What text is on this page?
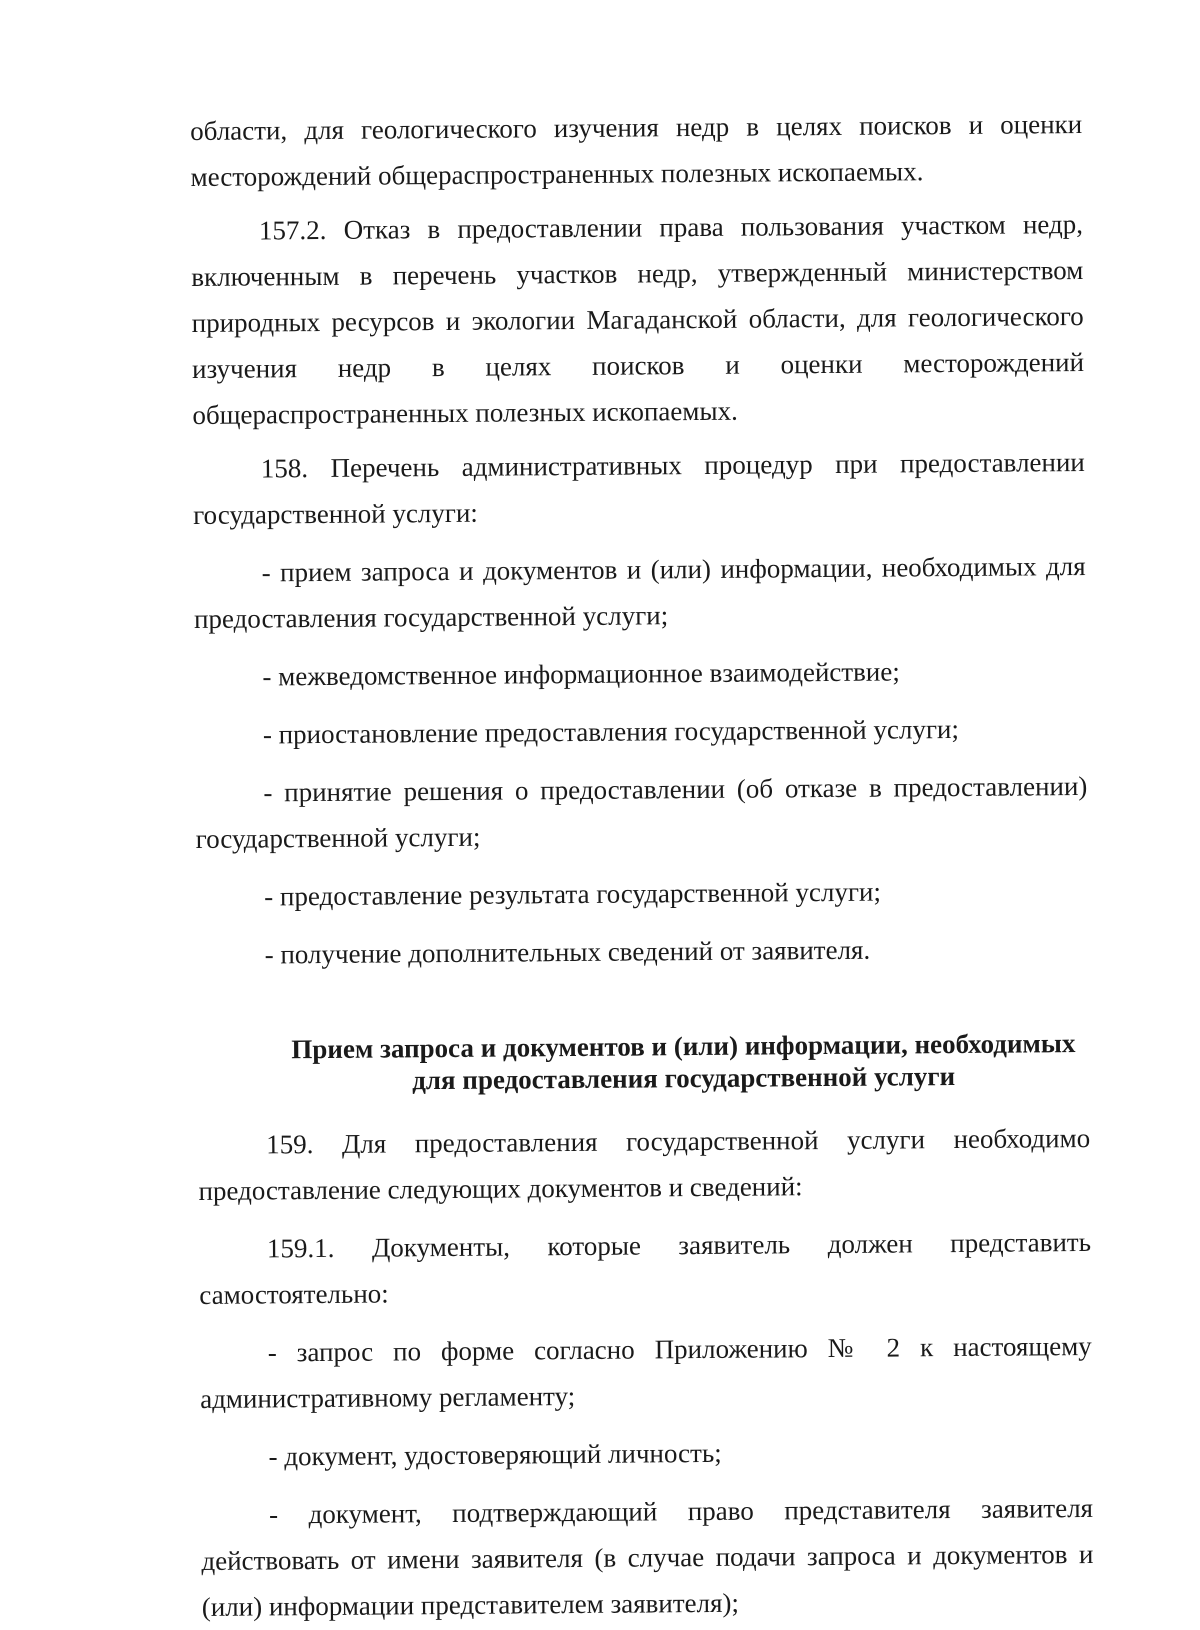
области, для геологического изучения недр в целях поисков и оценки месторождений общераспространенных полезных ископаемых.

157.2. Отказ в предоставлении права пользования участком недр, включенным в перечень участков недр, утвержденный министерством природных ресурсов и экологии Магаданской области, для геологического изучения недр в целях поисков и оценки месторождений общераспространенных полезных ископаемых.

158. Перечень административных процедур при предоставлении государственной услуги:

- прием запроса и документов и (или) информации, необходимых для предоставления государственной услуги;

- межведомственное информационное взаимодействие;

- приостановление предоставления государственной услуги;

- принятие решения о предоставлении (об отказе в предоставлении) государственной услуги;

- предоставление результата государственной услуги;

- получение дополнительных сведений от заявителя.

Прием запроса и документов и (или) информации, необходимых
для предоставления государственной услуги

159. Для предоставления государственной услуги необходимо предоставление следующих документов и сведений:

159.1. Документы, которые заявитель должен представить самостоятельно:

- запрос по форме согласно Приложению № 2 к настоящему административному регламенту;

- документ, удостоверяющий личность;

- документ, подтверждающий право представителя заявителя действовать от имени заявителя (в случае подачи запроса и документов и (или) информации представителем заявителя);
